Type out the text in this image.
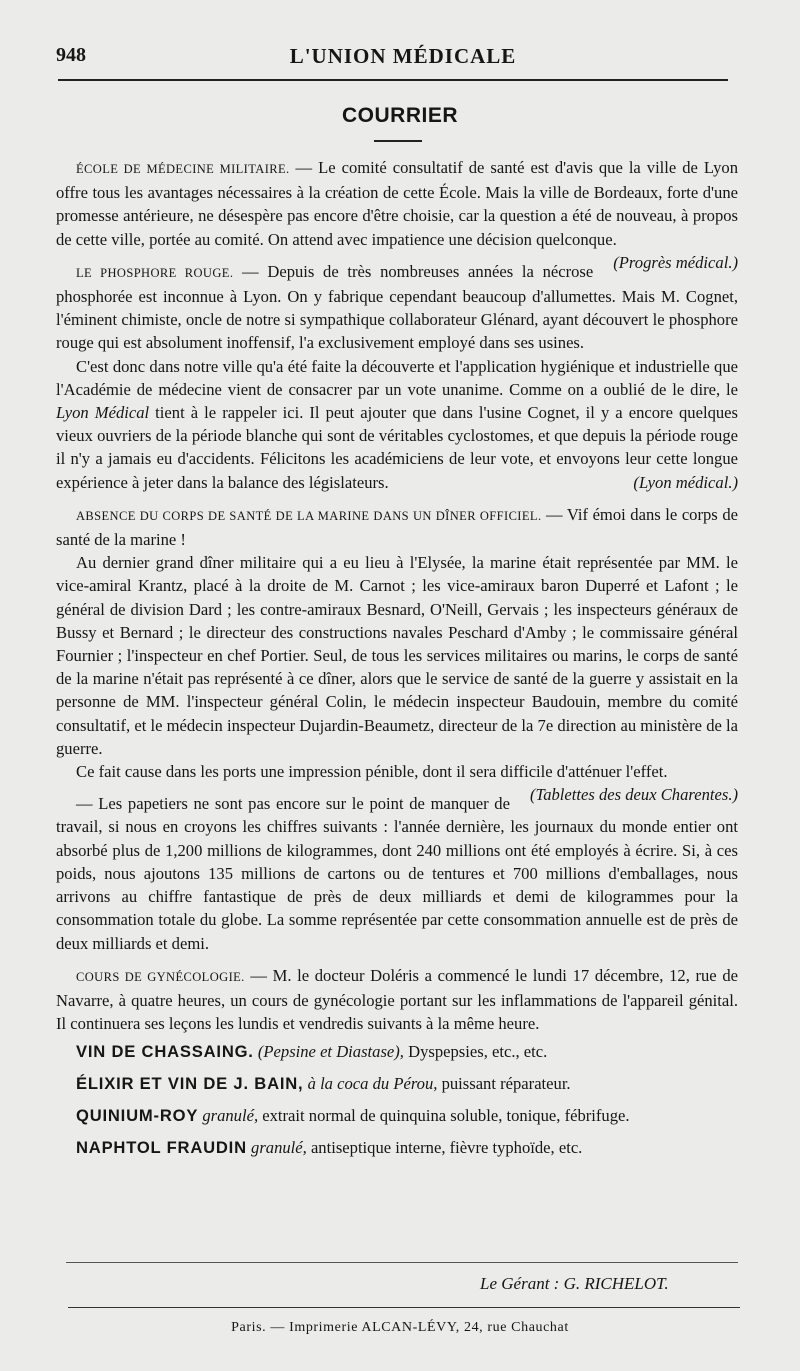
948	L'UNION MÉDICALE
COURRIER

ÉCOLE DE MÉDECINE MILITAIRE. — Le comité consultatif de santé est d'avis que la ville de Lyon offre tous les avantages nécessaires à la création de cette École. Mais la ville de Bordeaux, forte d'une promesse antérieure, ne désespère pas encore d'être choisie, car la question a été de nouveau, à propos de cette ville, portée au comité. On attend avec impatience une décision quelconque.
(Progrès médical.)

LE PHOSPHORE ROUGE. — Depuis de très nombreuses années la nécrose phosphorée est inconnue à Lyon. On y fabrique cependant beaucoup d'allumettes. Mais M. Cognet, l'éminent chimiste, oncle de notre si sympathique collaborateur Glénard, ayant découvert le phosphore rouge qui est absolument inoffensif, l'a exclusivement employé dans ses usines.

C'est donc dans notre ville qu'a été faite la découverte et l'application hygiénique et industrielle que l'Académie de médecine vient de consacrer par un vote unanime. Comme on a oublié de le dire, le Lyon Médical tient à le rappeler ici. Il peut ajouter que dans l'usine Cognet, il y a encore quelques vieux ouvriers de la période blanche qui sont de véritables cyclostomes, et que depuis la période rouge il n'y a jamais eu d'accidents. Félicitons les académiciens de leur vote, et envoyons leur cette longue expérience à jeter dans la balance des législateurs.	(Lyon médical.)

ABSENCE DU CORPS DE SANTÉ DE LA MARINE DANS UN DÎNER OFFICIEL. — Vif émoi dans le corps de santé de la marine !

Au dernier grand dîner militaire qui a eu lieu à l'Elysée, la marine était représentée par MM. le vice-amiral Krantz, placé à la droite de M. Carnot ; les vice-amiraux baron Duperré et Lafont ; le général de division Dard ; les contre-amiraux Besnard, O'Neill, Gervais ; les inspecteurs généraux de Bussy et Bernard ; le directeur des constructions navales Peschard d'Amby ; le commissaire général Fournier ; l'inspecteur en chef Portier. Seul, de tous les services militaires ou marins, le corps de santé de la marine n'était pas représenté à ce dîner, alors que le service de santé de la guerre y assistait en la personne de MM. l'inspecteur général Colin, le médecin inspecteur Baudouin, membre du comité consultatif, et le médecin inspecteur Dujardin-Beaumetz, directeur de la 7e direction au ministère de la guerre.

Ce fait cause dans les ports une impression pénible, dont il sera difficile d'atténuer l'effet.
(Tablettes des deux Charentes.)

— Les papetiers ne sont pas encore sur le point de manquer de travail, si nous en croyons les chiffres suivants : l'année dernière, les journaux du monde entier ont absorbé plus de 1,200 millions de kilogrammes, dont 240 millions ont été employés à écrire. Si, à ces poids, nous ajoutons 135 millions de cartons ou de tentures et 700 millions d'emballages, nous arrivons au chiffre fantastique de près de deux milliards et demi de kilogrammes pour la consommation totale du globe. La somme représentée par cette consommation annuelle est de près de deux milliards et demi.

COURS DE GYNÉCOLOGIE. — M. le docteur Doléris a commencé le lundi 17 décembre, 12, rue de Navarre, à quatre heures, un cours de gynécologie portant sur les inflammations de l'appareil génital. Il continuera ses leçons les lundis et vendredis suivants à la même heure.

VIN DE CHASSAING. (Pepsine et Diastase), Dyspepsies, etc., etc.

ÉLIXIR ET VIN DE J. BAIN, à la coca du Pérou, puissant réparateur.

QUINIUM-ROY granulé, extrait normal de quinquina soluble, tonique, fébrifuge.

NAPHTOL FRAUDIN granulé, antiseptique interne, fièvre typhoïde, etc.

Le Gérant : G. RICHELOT.
Paris. — Imprimerie ALCAN-LÉVY, 24, rue Chauchat
